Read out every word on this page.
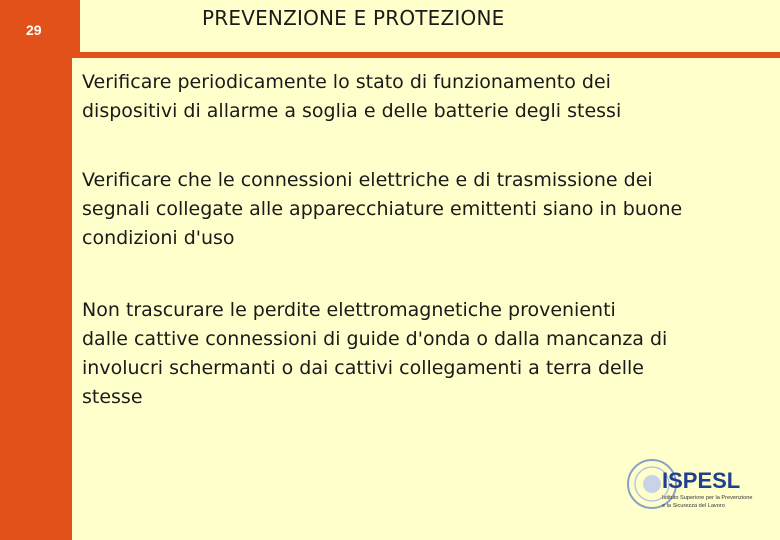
29	PREVENZIONE E PROTEZIONE

Verificare periodicamente lo stato di funzionamento dei
dispositivi di allarme a soglia e delle batterie degli stessi

Verificare che le connessioni elettriche e di trasmissione dei
segnali collegate alle apparecchiature emittenti siano in buone
condizioni d'uso

Non trascurare le perdite elettromagnetiche provenienti
dalle cattive connessioni di guide d'onda o dalla mancanza di
involucri schermanti o dai cattivi collegamenti a terra delle
stesse

ISPESL
Istituto Superiore per la Prevenzione
e la Sicurezza del Lavoro
